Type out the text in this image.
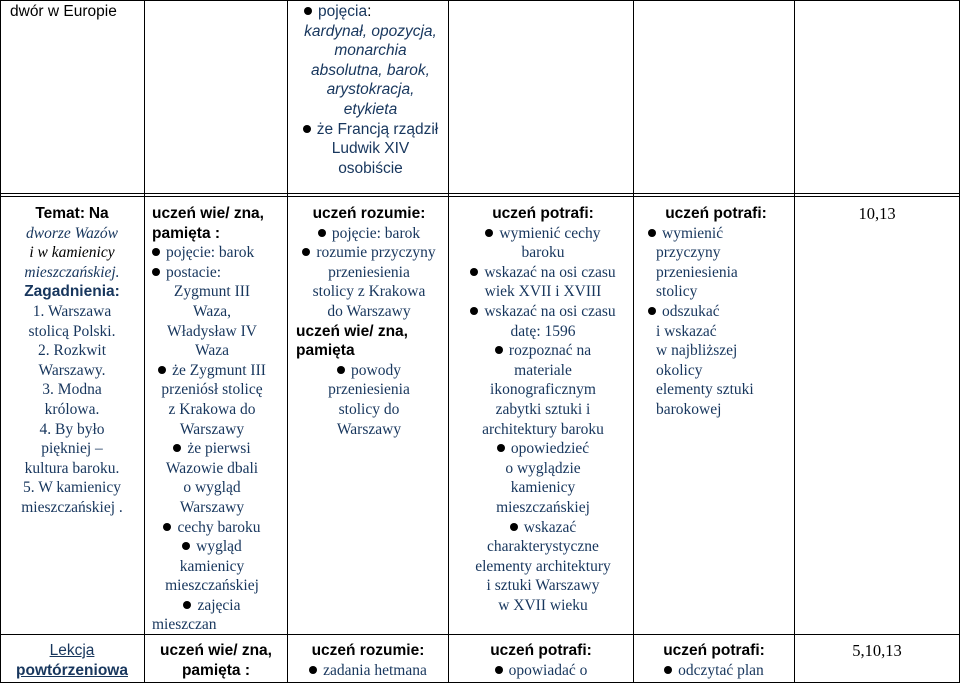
dwór w Europie	pojęcia:
kardynał, opozycja,
monarchia
absolutna, barok,
arystokracja,
etykieta
że Francją rządził
Ludwik XIV
osobiście
Temat: Na
dworze Wazów
i w kamienicy
mieszczańskiej.
Zagadnienia:
1. Warszawa
stolicą Polski.
2. Rozkwit
Warszawy.
3. Modna
królowa.
4. By było
piękniej –
kultura baroku.
5. W kamienicy
mieszczańskiej .
uczeń wie/ zna,
pamięta :
pojęcie: barok
postacie:
Zygmunt III
Waza,
Władysław IV
Waza
że Zygmunt III
przeniósł stolicę
z Krakowa do
Warszawy
że pierwsi
Wazowie dbali
o wygląd
Warszawy
cechy baroku
wygląd
kamienicy
mieszczańskiej
zajęcia
mieszczan
uczeń rozumie:
pojęcie: barok
rozumie przyczyny
przeniesienia
stolicy z Krakowa
do Warszawy
uczeń wie/ zna,
pamięta
powody
przeniesienia
stolicy do
Warszawy
uczeń potrafi:
wymienić cechy
baroku
wskazać na osi czasu
wiek XVII i XVIII
wskazać na osi czasu
datę: 1596
rozpoznać na
materiale
ikonograficznym
zabytki sztuki i
architektury baroku
opowiedzieć
o wyglądzie
kamienicy
mieszczańskiej
wskazać
charakterystyczne
elementy architektury
i sztuki Warszawy
w XVII wieku
uczeń potrafi:
wymienić
przyczyny
przeniesienia
stolicy
odszukać
i wskazać
w najbliższej
okolicy
elementy sztuki
barokowej
10,13
Lekcja
powtórzeniowa
uczeń wie/ zna,
pamięta :
uczeń rozumie:
zadania hetmana
uczeń potrafi:
opowiadać o
uczeń potrafi:
odczytać plan
5,10,13
